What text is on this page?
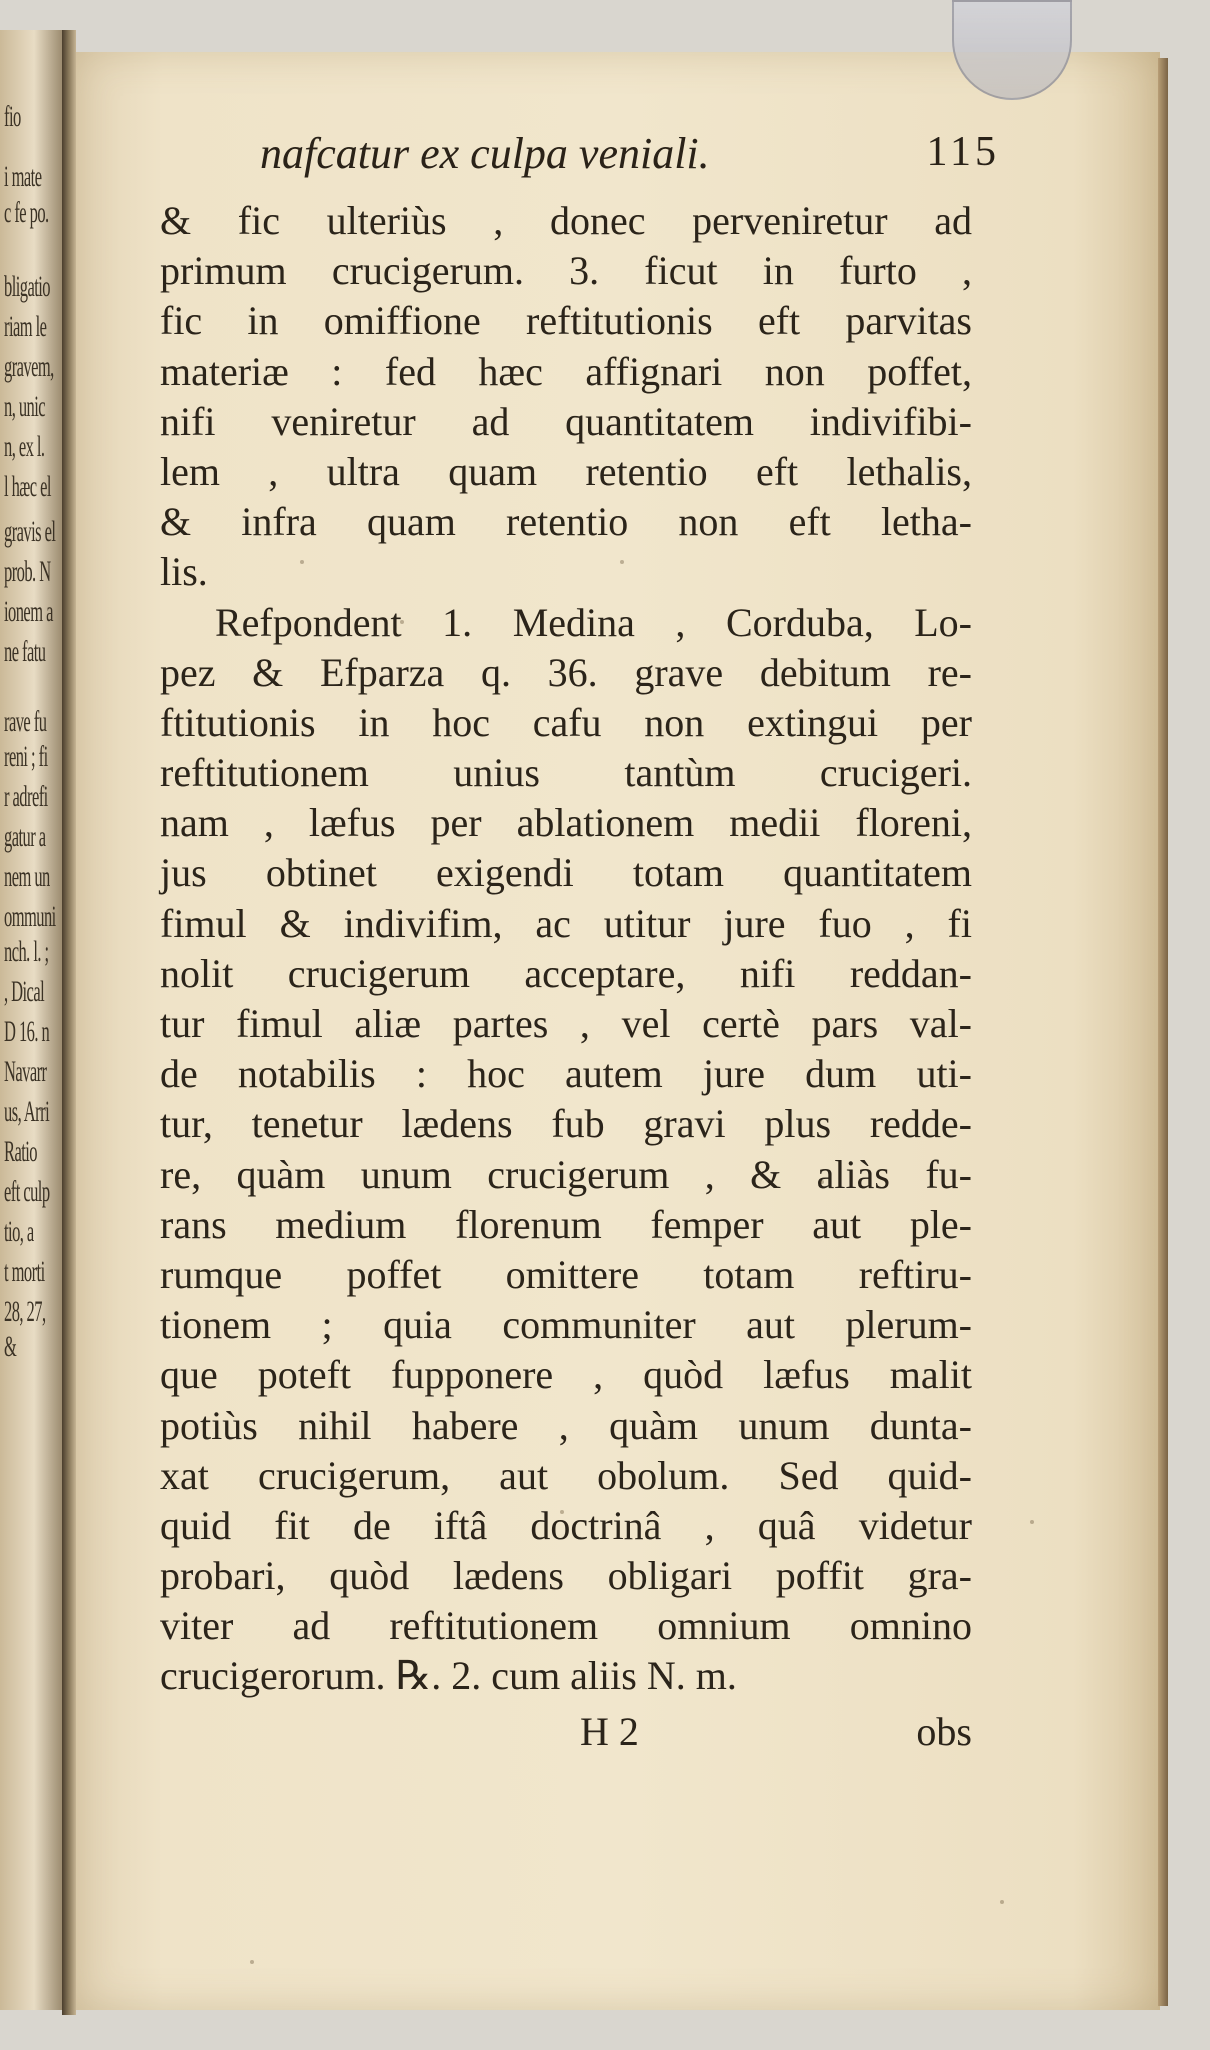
fio
i mate
c fe po.
bligatio
riam le
gravem,
n, unic
n, ex l.
l hæc el
gravis el
prob. N
ionem a
ne fatu
rave fu
reni ; fi
r adrefi
gatur a
nem un
ommuni
nch. l. ;
, Dical
D 16. n
Navarr
us, Arri
Ratio
eft culp
tio, a
t morti
28, 27,
&
nafcatur ex culpa veniali.	115
& fic ulteriùs , donec perveniretur ad
primum crucigerum. 3. ficut in furto ,
fic in omiffione reftitutionis eft parvitas
materiæ : fed hæc affignari non poffet,
nifi veniretur ad quantitatem indivifibi-
lem , ultra quam retentio eft lethalis,
& infra quam retentio non eft letha-
lis.
Refpondent 1. Medina , Corduba, Lo-
pez & Efparza q. 36. grave debitum re-
ftitutionis in hoc cafu non extingui per
reftitutionem unius tantùm crucigeri.
nam , læfus per ablationem medii floreni,
jus obtinet exigendi totam quantitatem
fimul & indivifim, ac utitur jure fuo , fi
nolit crucigerum acceptare, nifi reddan-
tur fimul aliæ partes , vel certè pars val-
de notabilis : hoc autem jure dum uti-
tur, tenetur lædens fub gravi plus redde-
re, quàm unum crucigerum , & aliàs fu-
rans medium florenum femper aut ple-
rumque poffet omittere totam reftiru-
tionem ; quia communiter aut plerum-
que poteft fupponere , quòd læfus malit
potiùs nihil habere , quàm unum dunta-
xat crucigerum, aut obolum. Sed quid-
quid fit de iftâ doctrinâ , quâ videtur
probari, quòd lædens obligari poffit gra-
viter ad reftitutionem omnium omnino
crucigerorum. ℞. 2. cum aliis N. m.
H 2	obs
